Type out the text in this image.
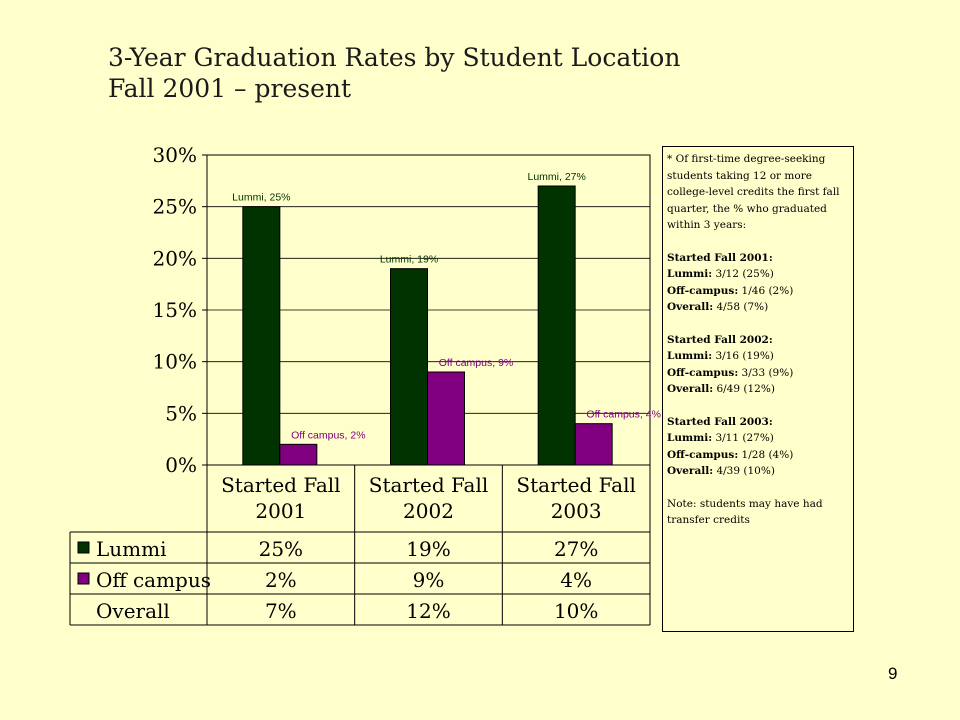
3-Year Graduation Rates by Student Location
Fall 2001 – present
0%
5%
10%
15%
20%
25%
30%
Lummi, 25%
Lummi, 19%
Lummi, 27%
Off campus, 2%
Off campus, 9%
Off campus, 4%
Started Fall
2001
Started Fall
2002
Started Fall
2003
Lummi	25%	19%	27%
Off campus	2%	9%	4%
Overall	7%	12%	10%

* Of first-time degree-seeking students taking 12 or more college-level credits the first fall quarter, the % who graduated within 3 years:

Started Fall 2001:

Lummi: 3/12 (25%)

Off-campus: 1/46 (2%)

Overall: 4/58 (7%)

Started Fall 2002:

Lummi: 3/16 (19%)

Off-campus: 3/33 (9%)

Overall: 6/49 (12%)

Started Fall 2003:

Lummi: 3/11 (27%)

Off-campus: 1/28 (4%)

Overall: 4/39 (10%)

Note: students may have had transfer credits

9
